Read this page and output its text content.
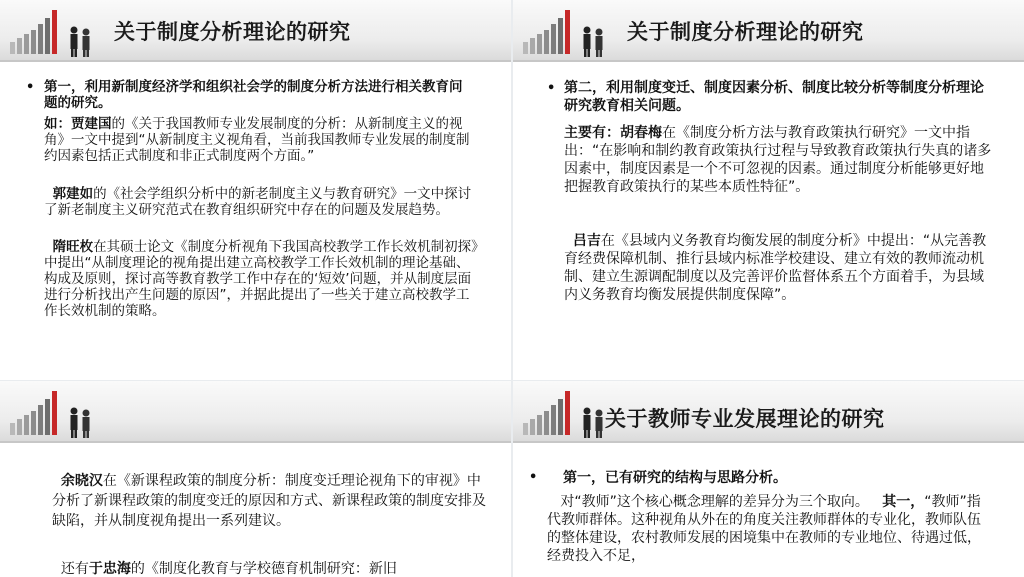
关于制度分析理论的研究
• 第一，利用新制度经济学和组织社会学的制度分析方法进行相关教育问题的研究。
如：贾建国的《关于我国教师专业发展制度的分析：从新制度主义的视角》一文中提到“从新制度主义视角看，当前我国教师专业发展的制度制约因素包括正式制度和非正式制度两个方面。”
郭建如的《社会学组织分析中的新老制度主义与教育研究》一文中探讨了新老制度主义研究范式在教育组织研究中存在的问题及发展趋势。
隋旺枚在其硕士论文《制度分析视角下我国高校教学工作长效机制初探》中提出“从制度理论的视角提出建立高校教学工作长效机制的理论基础、构成及原则，探讨高等教育教学工作中存在的‘短效’问题，并从制度层面进行分析找出产生问题的原因”，并据此提出了一些关于建立高校教学工作长效机制的策略。
关于制度分析理论的研究
• 第二，利用制度变迁、制度因素分析、制度比较分析等制度分析理论研究教育相关问题。
主要有：胡春梅在《制度分析方法与教育政策执行研究》一文中指出：“在影响和制约教育政策执行过程与导致教育政策执行失真的诸多因素中，制度因素是一个不可忽视的因素。通过制度分析能够更好地把握教育政策执行的某些本质性特征”。
吕吉在《县域内义务教育均衡发展的制度分析》中提出：“从完善教育经费保障机制、推行县域内标准学校建设、建立有效的教师流动机制、建立生源调配制度以及完善评价监督体系五个方面着手，为县域内义务教育均衡发展提供制度保障”。
余晓汉在《新课程政策的制度分析：制度变迁理论视角下的审视》中分析了新课程政策的制度变迁的原因和方式、新课程政策的制度安排及缺陷，并从制度视角提出一系列建议。
还有于忠海的《制度化教育与学校德育机制研究：新旧
关于教师专业发展理论的研究
• 第一，已有研究的结构与思路分析。
对“教师”这个核心概念理解的差异分为三个取向。 其一，“教师”指代教师群体。这种视角从外在的角度关注教师群体的专业化，教师队伍的整体建设，农村教师发展的困境集中在教师的专业地位、待遇过低，经费投入不足，
